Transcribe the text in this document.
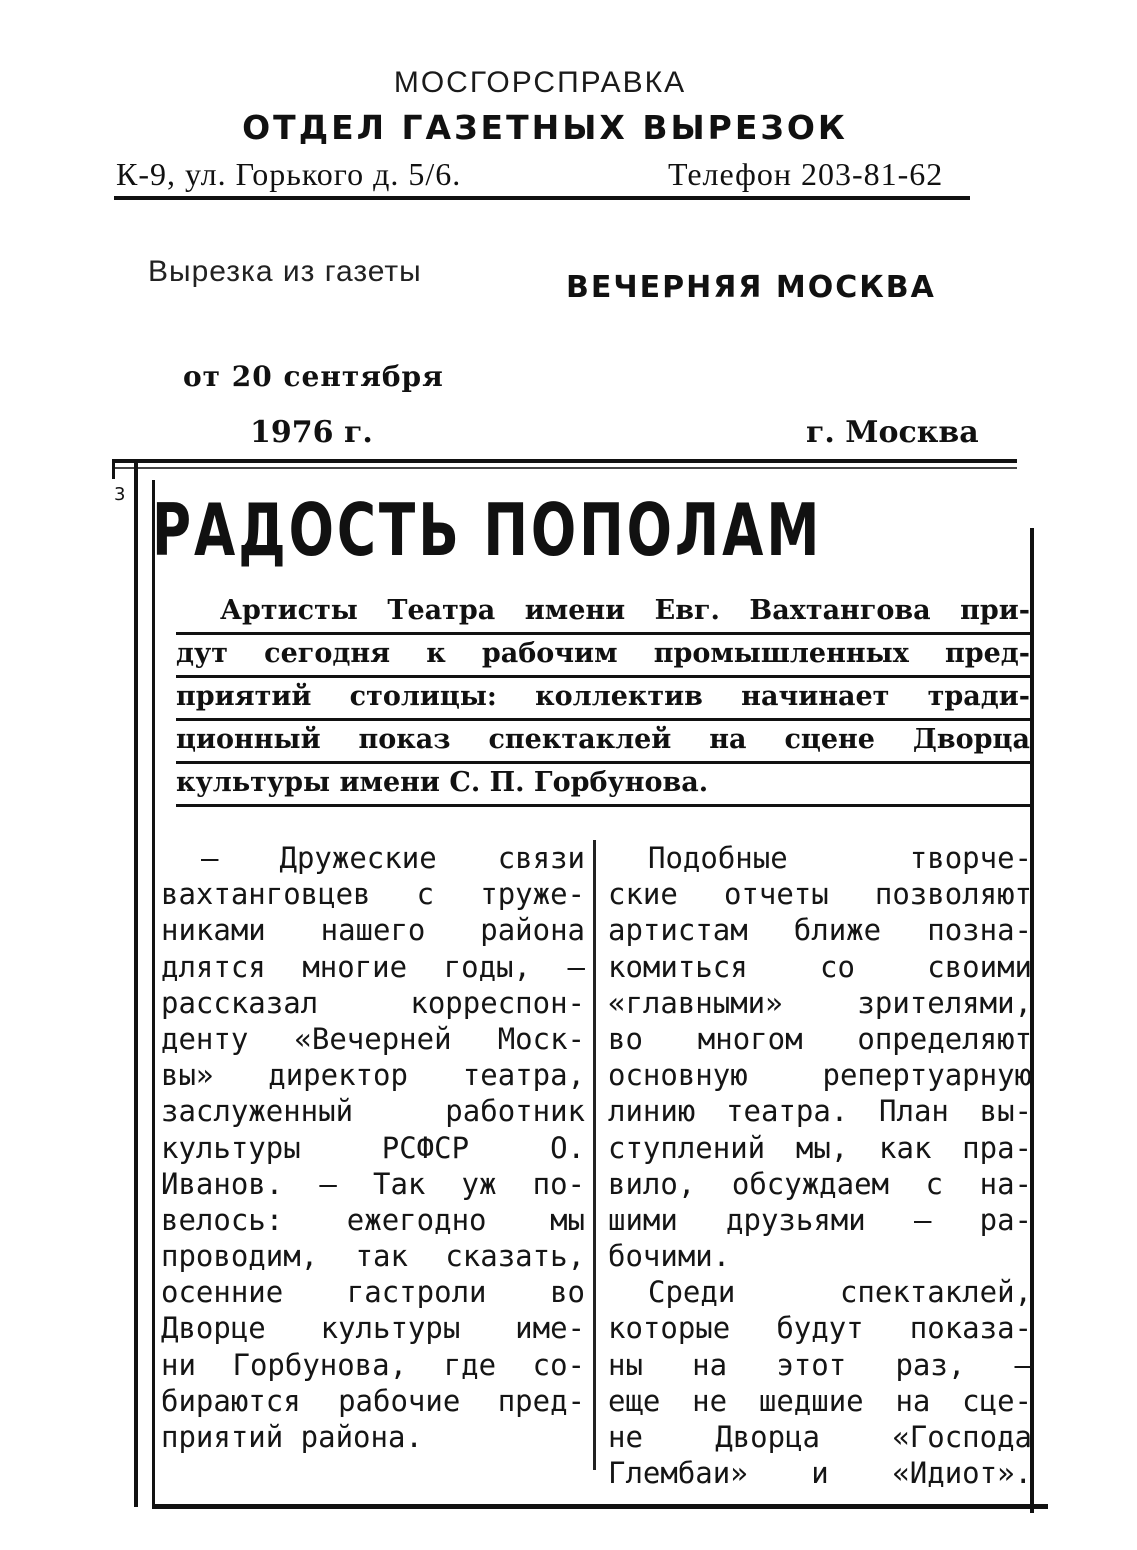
МОСГОРСПРАВКА
ОТДЕЛ ГАЗЕТНЫХ ВЫРЕЗОК
К-9, ул. Горького д. 5/6.	Телефон 203-81-62
Вырезка из газеты	ВЕЧЕРНЯЯ МОСКВА
от 20 сентября
1976 г.	г. Москва
3 РАДОСТЬ ПОПОЛАМ
Артисты Театра имени Евг. Вахтангова при-
дут сегодня к рабочим промышленных пред-
приятий столицы: коллектив начинает тради-
ционный показ спектаклей на сцене Дворца
культуры имени С. П. Горбунова.
— Дружеские связи
вахтанговцев с труже-
никами нашего района
длятся многие годы, —
рассказал корреспон-
денту «Вечерней Моск-
вы» директор театра,
заслуженный работник
культуры РСФСР О.
Иванов. — Так уж по-
велось: ежегодно мы
проводим, так сказать,
осенние гастроли во
Дворце культуры име-
ни Горбунова, где со-
бираются рабочие пред-
приятий района.
Подобные творче-
ские отчеты позволяют
артистам ближе позна-
комиться со своими
«главными» зрителями,
во многом определяют
основную репертуарную
линию театра. План вы-
ступлений мы, как пра-
вило, обсуждаем с на-
шими друзьями — ра-
бочими.
Среди спектаклей,
которые будут показа-
ны на этот раз, —
еще не шедшие на сце-
не Дворца «Господа
Глембаи» и «Идиот».
